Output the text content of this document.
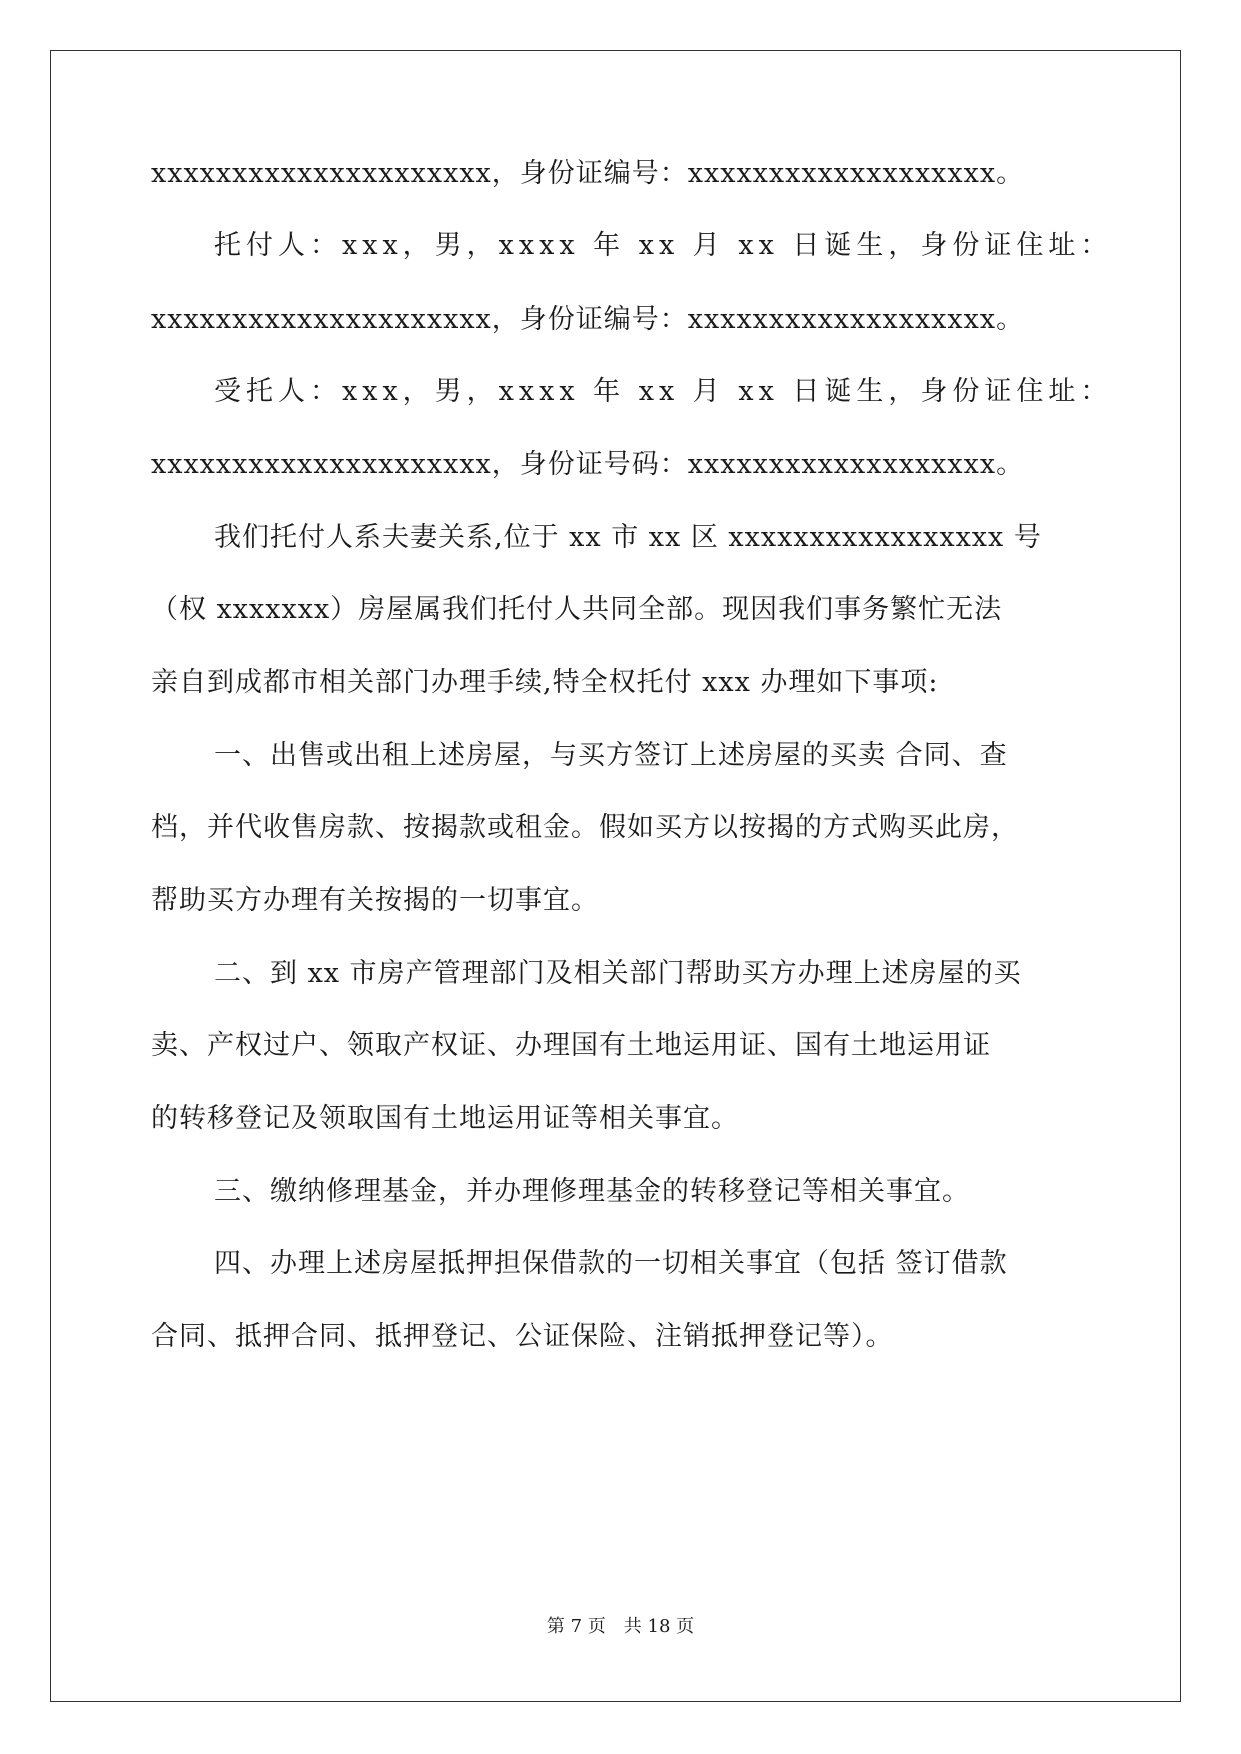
xxxxxxxxxxxxxxxxxxxxx，身份证编号：xxxxxxxxxxxxxxxxxxx。
托付人：xxx，男，xxxx 年 xx 月 xx 日诞生，身份证住址：
xxxxxxxxxxxxxxxxxxxxx，身份证编号：xxxxxxxxxxxxxxxxxxx。
受托人：xxx，男，xxxx 年 xx 月 xx 日诞生，身份证住址：
xxxxxxxxxxxxxxxxxxxxx，身份证号码：xxxxxxxxxxxxxxxxxxx。
我们托付人系夫妻关系,位于 xx 市 xx 区 xxxxxxxxxxxxxxxxx 号
（权 xxxxxxx）房屋属我们托付人共同全部。现因我们事务繁忙无法
亲自到成都市相关部门办理手续,特全权托付 xxx 办理如下事项:
一、出售或出租上述房屋，与买方签订上述房屋的买卖 合同、查
档，并代收售房款、按揭款或租金。假如买方以按揭的方式购买此房，
帮助买方办理有关按揭的一切事宜。
二、到 xx 市房产管理部门及相关部门帮助买方办理上述房屋的买
卖、产权过户、领取产权证、办理国有土地运用证、国有土地运用证
的转移登记及领取国有土地运用证等相关事宜。
三、缴纳修理基金，并办理修理基金的转移登记等相关事宜。
四、办理上述房屋抵押担保借款的一切相关事宜（包括 签订借款
合同、抵押合同、抵押登记、公证保险、注销抵押登记等）。
第 7 页　共 18 页
